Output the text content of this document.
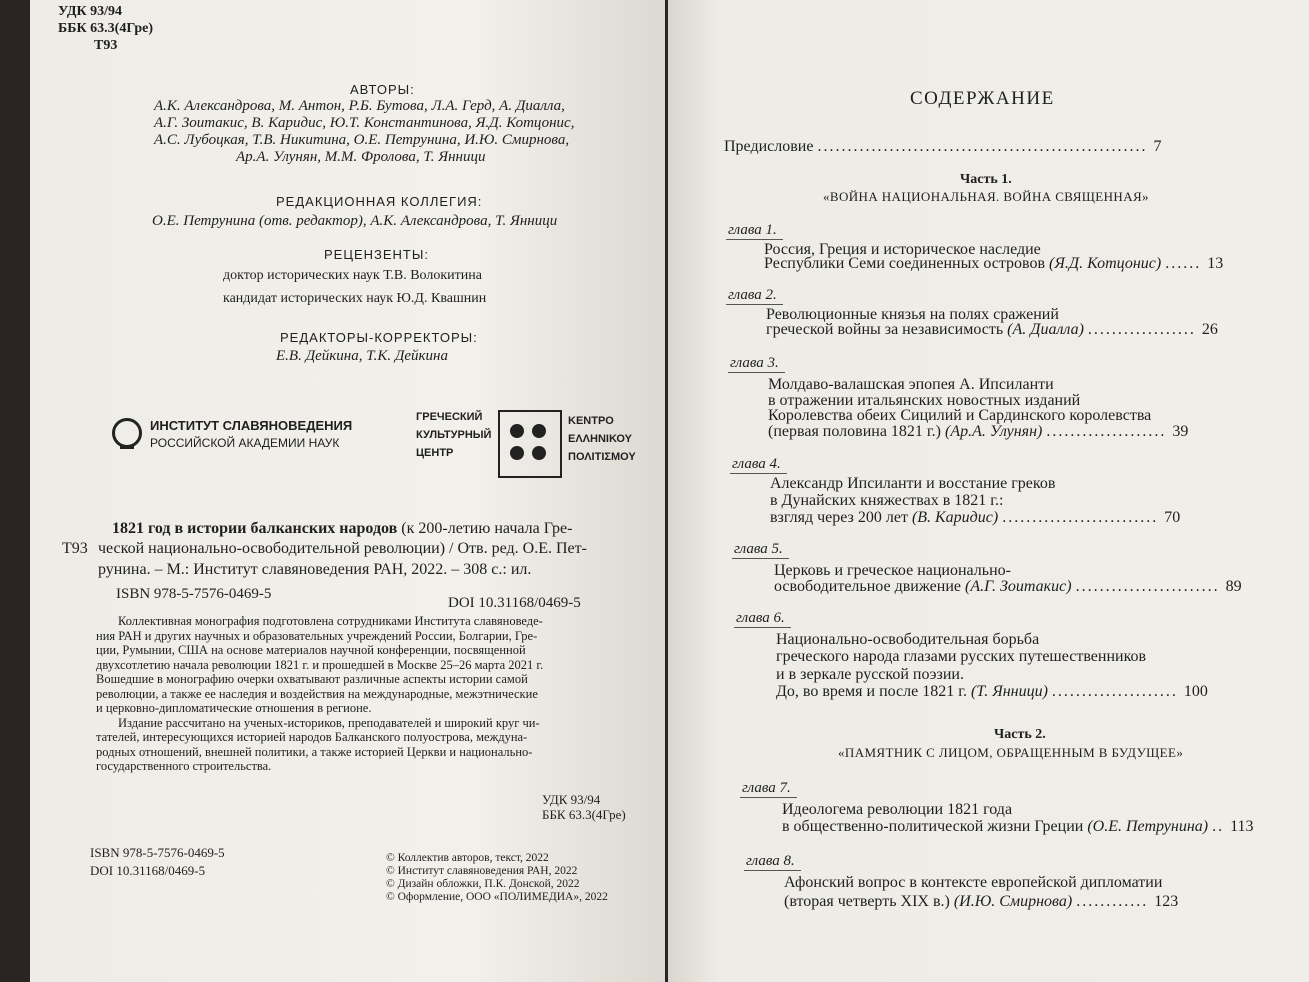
УДК 93/94
ББК 63.3(4Гре)
Т93
АВТОРЫ:
А.К. Александрова, М. Антон, Р.Б. Бутова, Л.А. Герд, А. Диалла,
А.Г. Зоитакис, В. Каридис, Ю.Т. Константинова, Я.Д. Котцонис,
А.С. Лубоцкая, Т.В. Никитина, О.Е. Петрунина, И.Ю. Смирнова,
Ар.А. Улунян, М.М. Фролова, Т. Янници
РЕДАКЦИОННАЯ КОЛЛЕГИЯ:
О.Е. Петрунина (отв. редактор), А.К. Александрова, Т. Янници
РЕЦЕНЗЕНТЫ:
доктор исторических наук Т.В. Волокитина
кандидат исторических наук Ю.Д. Квашнин
РЕДАКТОРЫ-КОРРЕКТОРЫ:
Е.В. Дейкина, Т.К. Дейкина
ИНСТИТУТ СЛАВЯНОВЕДЕНИЯ
РОССИЙСКОЙ АКАДЕМИИ НАУК
ГРЕЧЕСКИЙ
КУЛЬТУРНЫЙ
ЦЕНТР
KENTPO
ΕΛΛΗΝΙΚΟΥ
ΠΟΛΙΤΙΣΜΟΥ
1821 год в истории балканских народов (к 200-летию начала Гре-
Т93 ческой национально-освободительной революции) / Отв. ред. О.Е. Пет-
рунина. – М.: Институт славяноведения РАН, 2022. – 308 с.: ил.
ISBN 978-5-7576-0469-5
DOI 10.31168/0469-5
Коллективная монография подготовлена сотрудниками Института славяноведе-
ния РАН и других научных и образовательных учреждений России, Болгарии, Гре-
ции, Румынии, США на основе материалов научной конференции, посвященной
двухсотлетию начала революции 1821 г. и прошедшей в Москве 25–26 марта 2021 г.
Вошедшие в монографию очерки охватывают различные аспекты истории самой
революции, а также ее наследия и воздействия на международные, межэтнические
и церковно-дипломатические отношения в регионе.
Издание рассчитано на ученых-историков, преподавателей и широкий круг чи-
тателей, интересующихся историей народов Балканского полуострова, междуна-
родных отношений, внешней политики, а также историей Церкви и национально-
государственного строительства.
УДК 93/94
ББК 63.3(4Гре)
ISBN 978-5-7576-0469-5
DOI 10.31168/0469-5
© Коллектив авторов, текст, 2022
© Институт славяноведения РАН, 2022
© Дизайн обложки, П.К. Донской, 2022
© Оформление, ООО «ПОЛИМЕДИА», 2022
СОДЕРЖАНИЕ
Предисловие ....................................................... 7
Часть 1.
«ВОЙНА НАЦИОНАЛЬНАЯ. ВОЙНА СВЯЩЕННАЯ»
глава 1.
Россия, Греция и историческое наследие
Республики Семи соединенных островов (Я.Д. Котцонис) ...... 13
глава 2.
Революционные князья на полях сражений
греческой войны за независимость (А. Диалла) .................. 26
глава 3.
Молдаво-валашская эпопея А. Ипсиланти
в отражении итальянских новостных изданий
Королевства обеих Сицилий и Сардинского королевства
(первая половина 1821 г.) (Ар.А. Улунян) .................... 39
глава 4.
Александр Ипсиланти и восстание греков
в Дунайских княжествах в 1821 г.:
взгляд через 200 лет (В. Каридис) .......................... 70
глава 5.
Церковь и греческое национально-
освободительное движение (А.Г. Зоитакис) ........................ 89
глава 6.
Национально-освободительная борьба
греческого народа глазами русских путешественников
и в зеркале русской поэзии.
До, во время и после 1821 г. (Т. Янници) ..................... 100
Часть 2.
«ПАМЯТНИК С ЛИЦОМ, ОБРАЩЕННЫМ В БУДУЩЕЕ»
глава 7.
Идеологема революции 1821 года
в общественно-политической жизни Греции (О.Е. Петрунина) .. 113
глава 8.
Афонский вопрос в контексте европейской дипломатии
(вторая четверть XIX в.) (И.Ю. Смирнова) ............ 123
